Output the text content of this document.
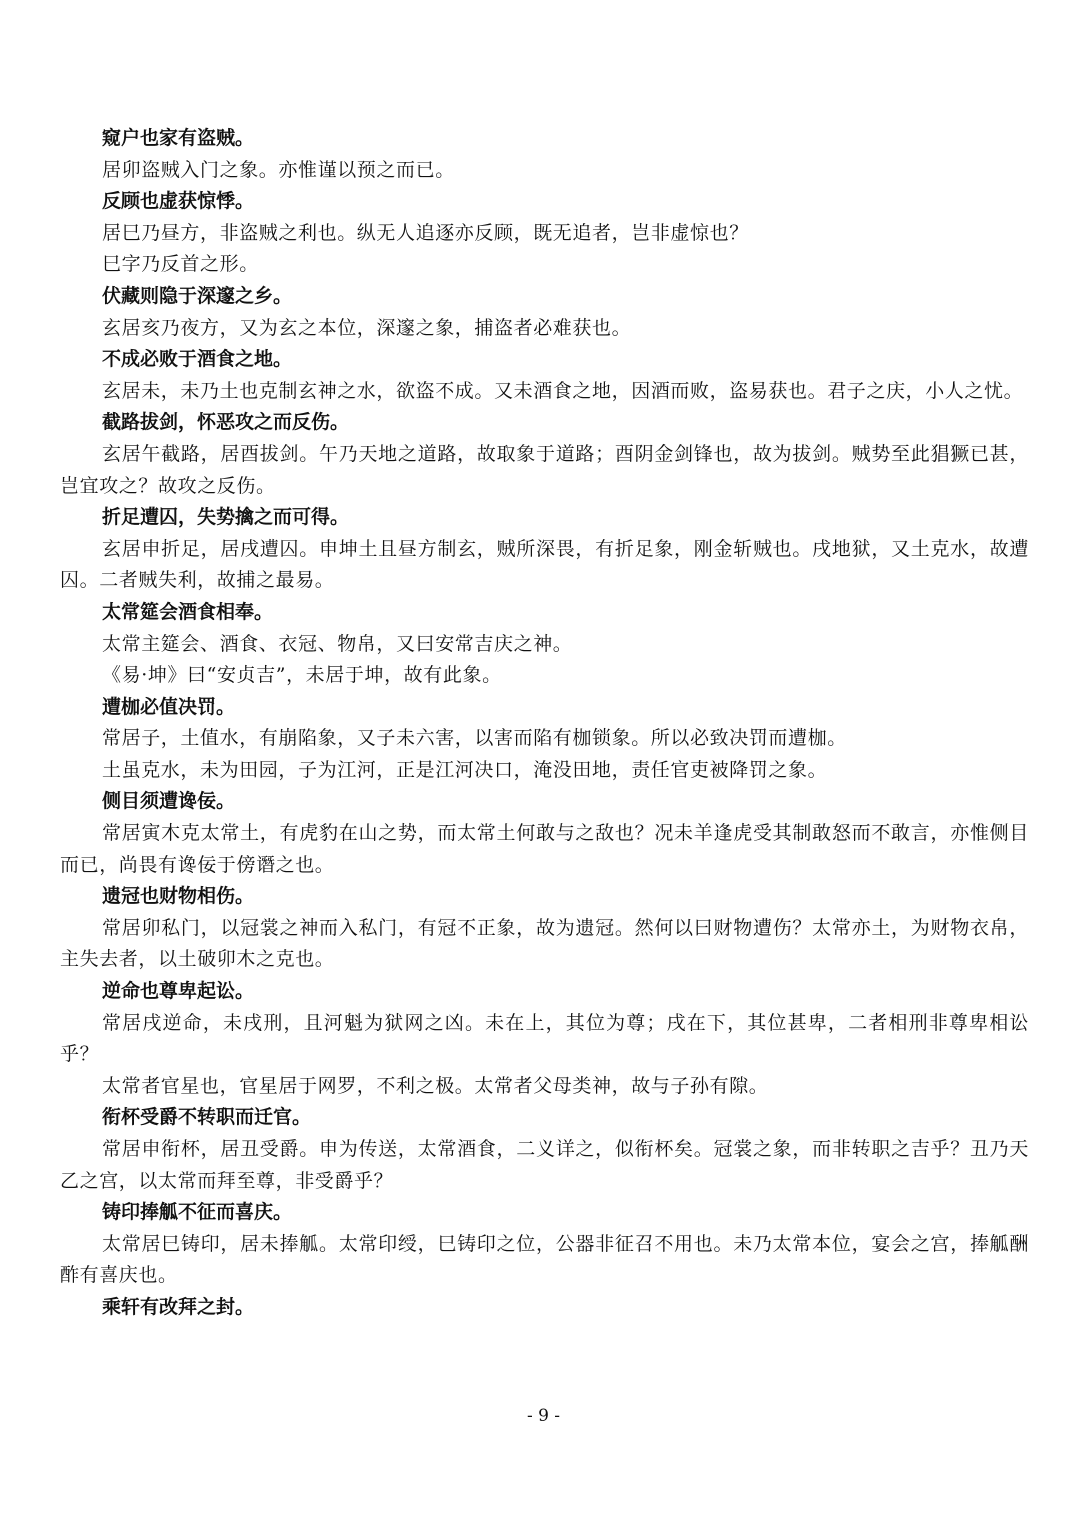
窥户也家有盗贼。
居卯盗贼入门之象。亦惟谨以预之而已。
反顾也虚获惊悸。
居巳乃昼方，非盗贼之利也。纵无人追逐亦反顾，既无追者，岂非虚惊也？
巳字乃反首之形。
伏藏则隐于深邃之乡。
玄居亥乃夜方，又为玄之本位，深邃之象，捕盗者必难获也。
不成必败于酒食之地。

玄居未，未乃土也克制玄神之水，欲盗不成。又未酒食之地，因酒而败，盗易获也。君子之庆，小人之忧。

截路拔剑，怀恶攻之而反伤。

玄居午截路，居酉拔剑。午乃天地之道路，故取象于道路；酉阴金剑锋也，故为拔剑。贼势至此猖獗已甚，岂宜攻之？故攻之反伤。

折足遭囚，失势擒之而可得。

玄居申折足，居戌遭囚。申坤土且昼方制玄，贼所深畏，有折足象，刚金斩贼也。戌地狱，又土克水，故遭囚。二者贼失利，故捕之最易。

太常筵会酒食相奉。
太常主筵会、酒食、衣冠、物帛，又曰安常吉庆之神。
《易·坤》曰“安贞吉”，未居于坤，故有此象。
遭枷必值决罚。
常居子，土值水，有崩陷象，又子未六害，以害而陷有枷锁象。所以必致决罚而遭枷。
土虽克水，未为田园，子为江河，正是江河决口，淹没田地，责任官吏被降罚之象。
侧目须遭谗佞。

常居寅木克太常土，有虎豹在山之势，而太常土何敢与之敌也？况未羊逢虎受其制敢怒而不敢言，亦惟侧目而已，尚畏有谗佞于傍谮之也。

遗冠也财物相伤。

常居卯私门，以冠裳之神而入私门，有冠不正象，故为遗冠。然何以曰财物遭伤？太常亦土，为财物衣帛，主失去者，以土破卯木之克也。

逆命也尊卑起讼。

常居戌逆命，未戌刑，且河魁为狱网之凶。未在上，其位为尊；戌在下，其位甚卑，二者相刑非尊卑相讼乎？

太常者官星也，官星居于网罗，不利之极。太常者父母类神，故与子孙有隙。
衔杯受爵不转职而迁官。

常居申衔杯，居丑受爵。申为传送，太常酒食，二义详之，似衔杯矣。冠裳之象，而非转职之吉乎？丑乃天乙之宫，以太常而拜至尊，非受爵乎？

铸印捧觚不征而喜庆。

太常居巳铸印，居未捧觚。太常印绶，巳铸印之位，公器非征召不用也。未乃太常本位，宴会之宫，捧觚酬酢有喜庆也。

乘轩有改拜之封。
- 9 -
